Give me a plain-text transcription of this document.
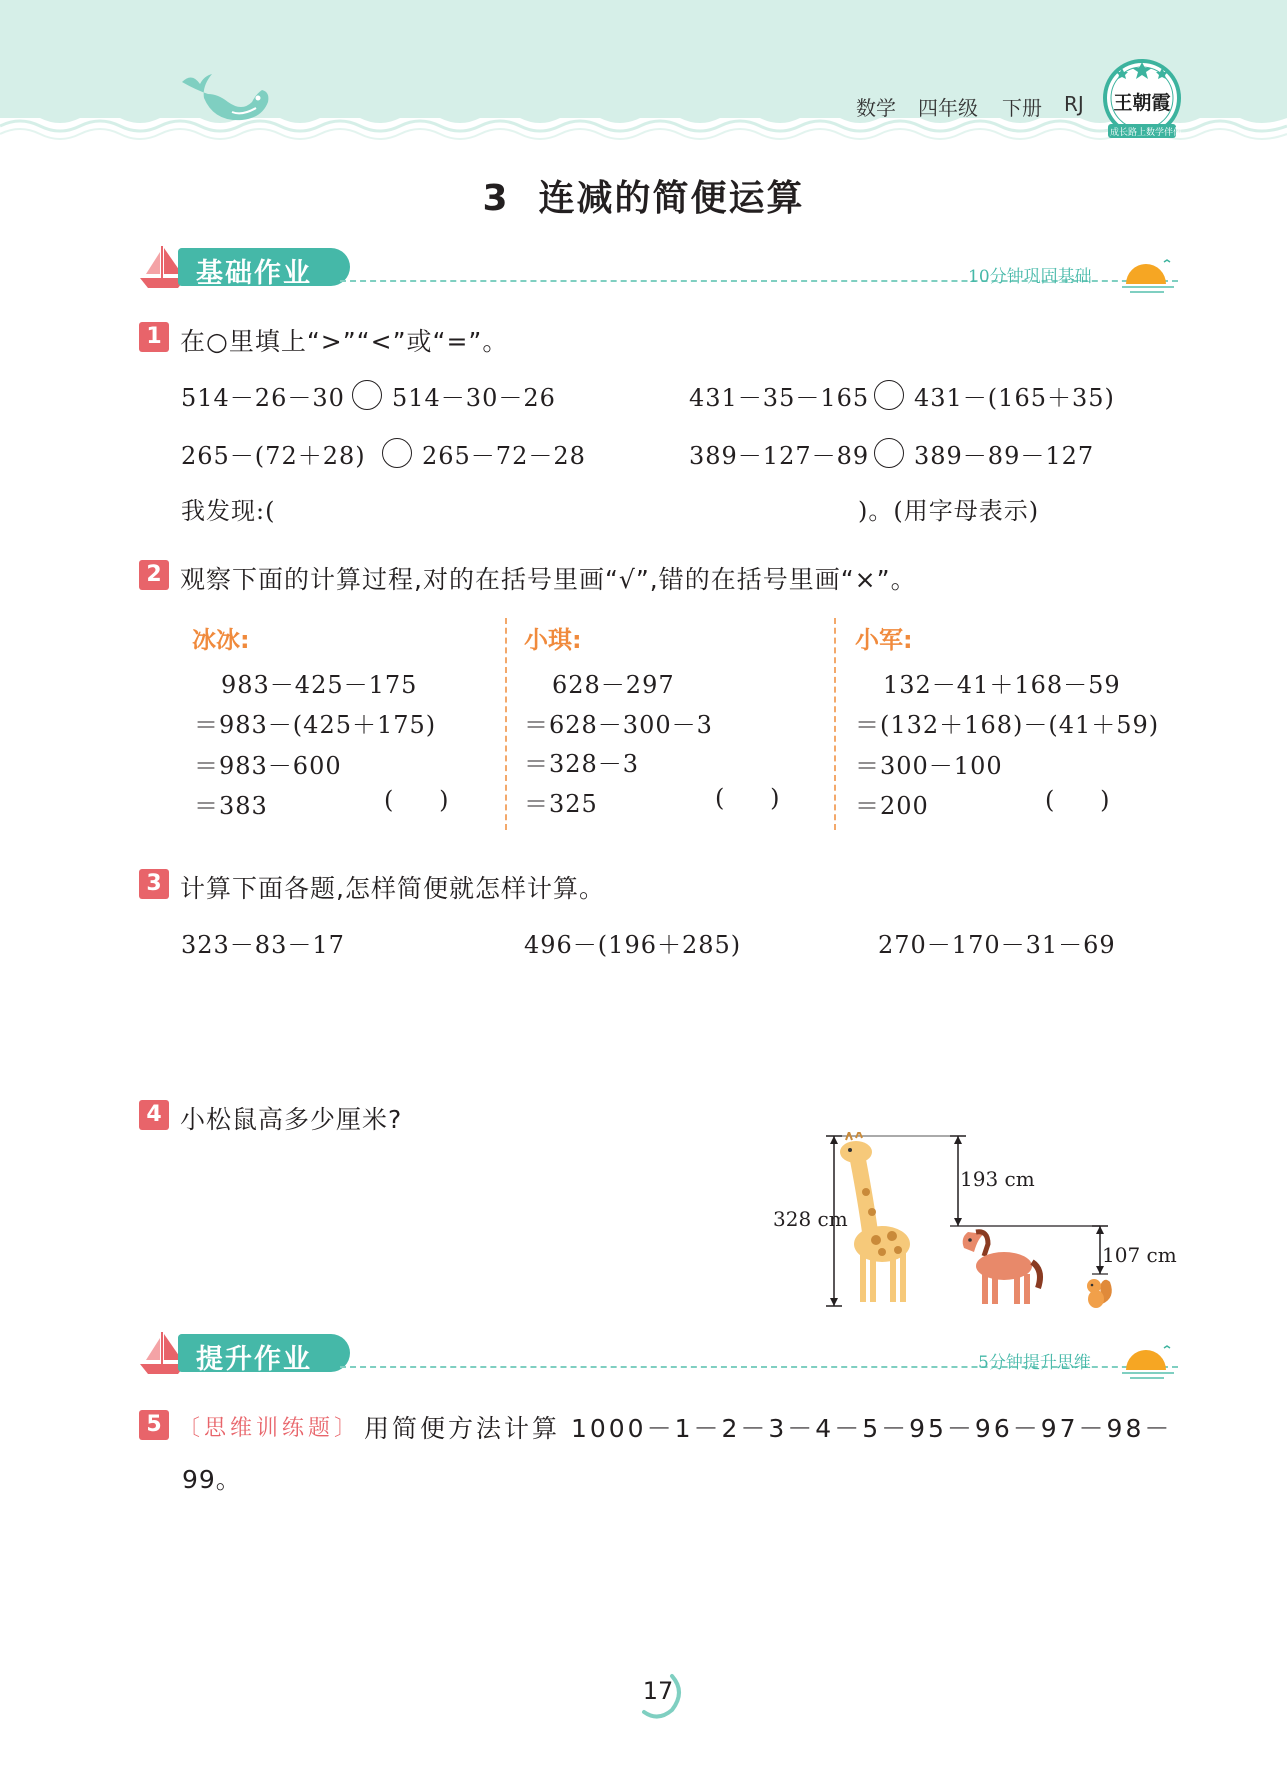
数学 四年级 下册 RJ	王朝霞
成长路上 数学伴你
3  连减的简便运算
基础作业	10分钟巩固基础
1 在○里填上“>”“<”或“=”。
514－26－30 514－30－26	431－35－165 431－(165＋35)
265－(72＋28) 265－72－28	389－127－89 389－89－127
我发现:(	)。(用字母表示)
2 观察下面的计算过程,对的在括号里画“√”,错的在括号里画“×”。
冰冰:
983－425－175
＝983－(425＋175)
＝983－600
＝383	(      )
小琪:
628－297
＝628－300－3
＝328－3
＝325	(      )
小军:
132－41＋168－59
＝(132＋168)－(41＋59)
＝300－100
＝200	(      )
3 计算下面各题,怎样简便就怎样计算。
323－83－17	496－(196＋285)	270－170－31－69
4 小松鼠高多少厘米?
328 cm
193 cm
107 cm
提升作业	5分钟提升思维
5 〔思维训练题〕 用简便方法计算 1000－1－2－3－4－5－95－96－97－98－
99。
17
